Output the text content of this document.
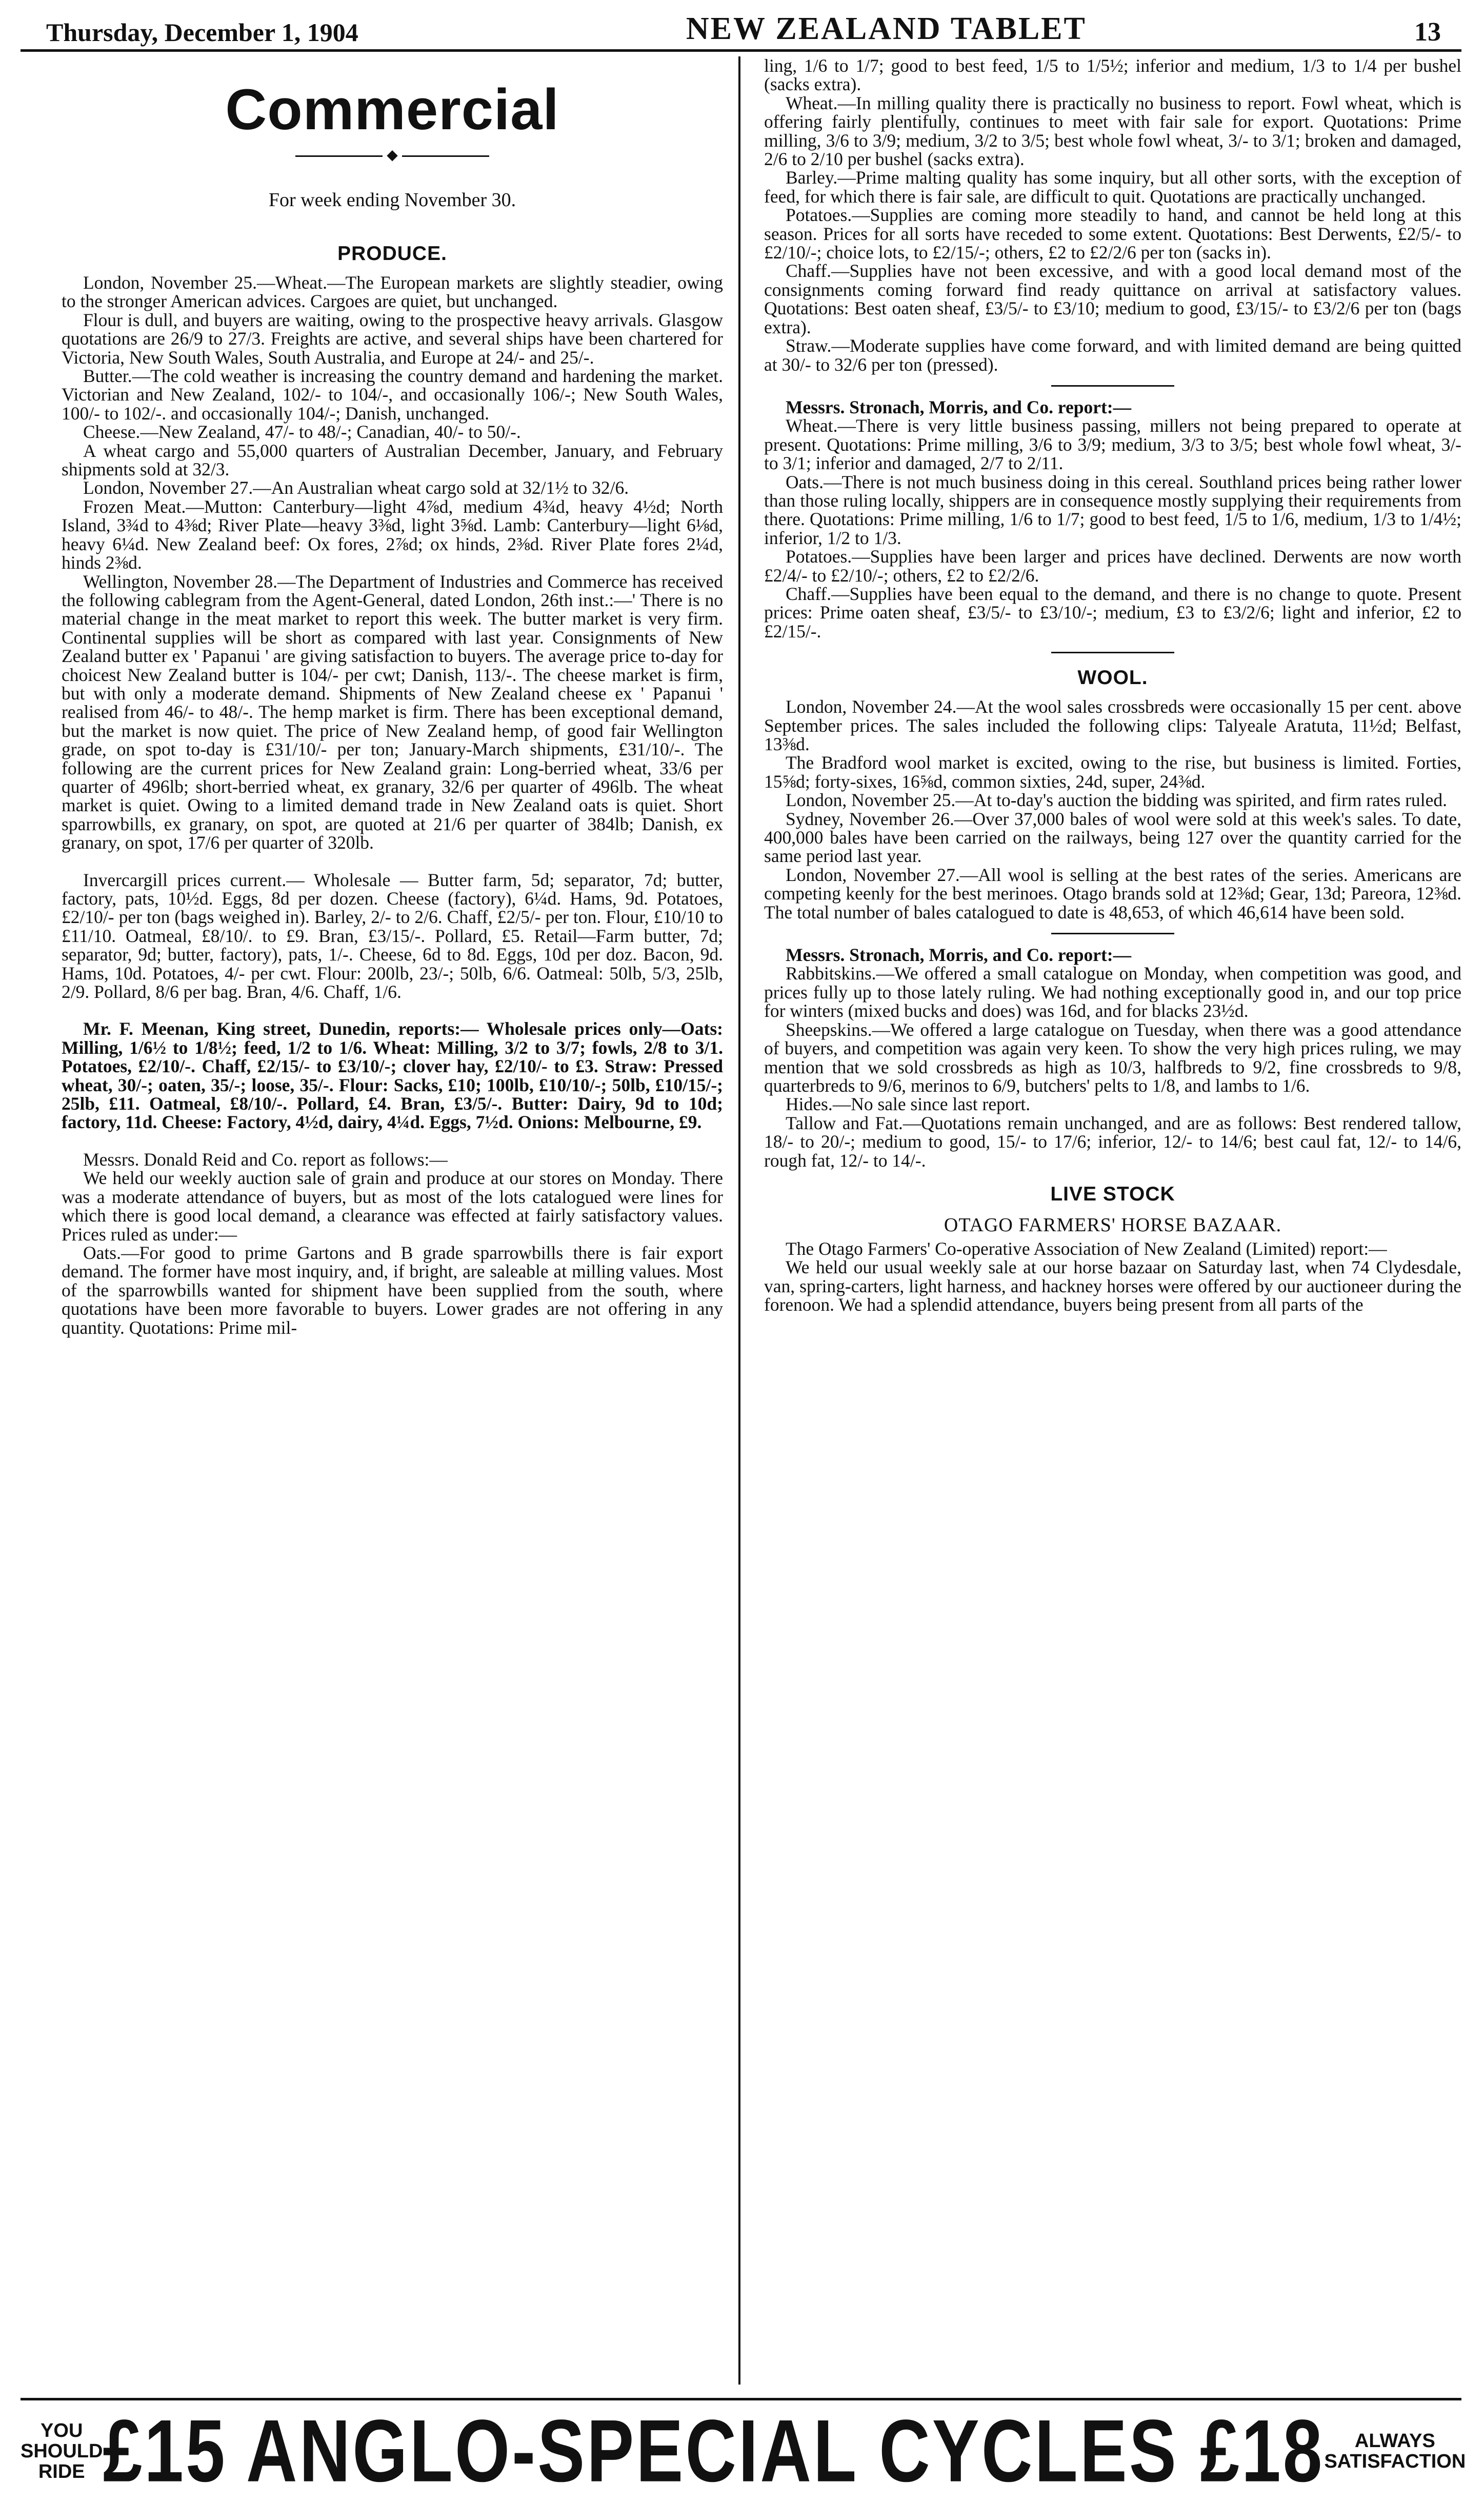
Thursday, December 1, 1904	NEW ZEALAND TABLET	13
Commercial
◆
For week ending November 30.
PRODUCE.

London, November 25.—Wheat.—The European markets are slightly steadier, owing to the stronger American advices. Cargoes are quiet, but unchanged.

Flour is dull, and buyers are waiting, owing to the prospective heavy arrivals. Glasgow quotations are 26/9 to 27/3. Freights are active, and several ships have been chartered for Victoria, New South Wales, South Australia, and Europe at 24/- and 25/-.

Butter.—The cold weather is increasing the country demand and hardening the market. Victorian and New Zealand, 102/- to 104/-, and occasionally 106/-; New South Wales, 100/- to 102/-. and occasionally 104/-; Danish, unchanged.

Cheese.—New Zealand, 47/- to 48/-; Canadian, 40/- to 50/-.

A wheat cargo and 55,000 quarters of Australian December, January, and February shipments sold at 32/3.

London, November 27.—An Australian wheat cargo sold at 32/1½ to 32/6.

Frozen Meat.—Mutton: Canterbury—light 4⅞d, medium 4¾d, heavy 4½d; North Island, 3¾d to 4⅜d; River Plate—heavy 3⅜d, light 3⅝d. Lamb: Canterbury—light 6⅛d, heavy 6¼d. New Zealand beef: Ox fores, 2⅞d; ox hinds, 2⅜d. River Plate fores 2¼d, hinds 2⅜d.

Wellington, November 28.—The Department of Industries and Commerce has received the following cablegram from the Agent-General, dated London, 26th inst.:—' There is no material change in the meat market to report this week. The butter market is very firm. Continental supplies will be short as compared with last year. Consignments of New Zealand butter ex ' Papanui ' are giving satisfaction to buyers. The average price to-day for choicest New Zealand butter is 104/- per cwt; Danish, 113/-. The cheese market is firm, but with only a moderate demand. Shipments of New Zealand cheese ex ' Papanui ' realised from 46/- to 48/-. The hemp market is firm. There has been exceptional demand, but the market is now quiet. The price of New Zealand hemp, of good fair Wellington grade, on spot to-day is £31/10/- per ton; January-March shipments, £31/10/-. The following are the current prices for New Zealand grain: Long-berried wheat, 33/6 per quarter of 496lb; short-berried wheat, ex granary, 32/6 per quarter of 496lb. The wheat market is quiet. Owing to a limited demand trade in New Zealand oats is quiet. Short sparrowbills, ex granary, on spot, are quoted at 21/6 per quarter of 384lb; Danish, ex granary, on spot, 17/6 per quarter of 320lb.

Invercargill prices current.— Wholesale — Butter farm, 5d; separator, 7d; butter, factory, pats, 10½d. Eggs, 8d per dozen. Cheese (factory), 6¼d. Hams, 9d. Potatoes, £2/10/- per ton (bags weighed in). Barley, 2/- to 2/6. Chaff, £2/5/- per ton. Flour, £10/10 to £11/10. Oatmeal, £8/10/. to £9. Bran, £3/15/-. Pollard, £5. Retail—Farm butter, 7d; separator, 9d; butter, factory), pats, 1/-. Cheese, 6d to 8d. Eggs, 10d per doz. Bacon, 9d. Hams, 10d. Potatoes, 4/- per cwt. Flour: 200lb, 23/-; 50lb, 6/6. Oatmeal: 50lb, 5/3, 25lb, 2/9. Pollard, 8/6 per bag. Bran, 4/6. Chaff, 1/6.

Mr. F. Meenan, King street, Dunedin, reports:— Wholesale prices only—Oats: Milling, 1/6½ to 1/8½; feed, 1/2 to 1/6. Wheat: Milling, 3/2 to 3/7; fowls, 2/8 to 3/1. Potatoes, £2/10/-. Chaff, £2/15/- to £3/10/-; clover hay, £2/10/- to £3. Straw: Pressed wheat, 30/-; oaten, 35/-; loose, 35/-. Flour: Sacks, £10; 100lb, £10/10/-; 50lb, £10/15/-; 25lb, £11. Oatmeal, £8/10/-. Pollard, £4. Bran, £3/5/-. Butter: Dairy, 9d to 10d; factory, 11d. Cheese: Factory, 4½d, dairy, 4¼d. Eggs, 7½d. Onions: Melbourne, £9.

Messrs. Donald Reid and Co. report as follows:—

We held our weekly auction sale of grain and produce at our stores on Monday. There was a moderate attendance of buyers, but as most of the lots catalogued were lines for which there is good local demand, a clearance was effected at fairly satisfactory values. Prices ruled as under:—

Oats.—For good to prime Gartons and B grade sparrowbills there is fair export demand. The former have most inquiry, and, if bright, are saleable at milling values. Most of the sparrowbills wanted for shipment have been supplied from the south, where quotations have been more favorable to buyers. Lower grades are not offering in any quantity. Quotations: Prime mil-

ling, 1/6 to 1/7; good to best feed, 1/5 to 1/5½; inferior and medium, 1/3 to 1/4 per bushel (sacks extra).

Wheat.—In milling quality there is practically no business to report. Fowl wheat, which is offering fairly plentifully, continues to meet with fair sale for export. Quotations: Prime milling, 3/6 to 3/9; medium, 3/2 to 3/5; best whole fowl wheat, 3/- to 3/1; broken and damaged, 2/6 to 2/10 per bushel (sacks extra).

Barley.—Prime malting quality has some inquiry, but all other sorts, with the exception of feed, for which there is fair sale, are difficult to quit. Quotations are practically unchanged.

Potatoes.—Supplies are coming more steadily to hand, and cannot be held long at this season. Prices for all sorts have receded to some extent. Quotations: Best Derwents, £2/5/- to £2/10/-; choice lots, to £2/15/-; others, £2 to £2/2/6 per ton (sacks in).

Chaff.—Supplies have not been excessive, and with a good local demand most of the consignments coming forward find ready quittance on arrival at satisfactory values. Quotations: Best oaten sheaf, £3/5/- to £3/10; medium to good, £3/15/- to £3/2/6 per ton (bags extra).

Straw.—Moderate supplies have come forward, and with limited demand are being quitted at 30/- to 32/6 per ton (pressed).

Messrs. Stronach, Morris, and Co. report:—

Wheat.—There is very little business passing, millers not being prepared to operate at present. Quotations: Prime milling, 3/6 to 3/9; medium, 3/3 to 3/5; best whole fowl wheat, 3/- to 3/1; inferior and damaged, 2/7 to 2/11.

Oats.—There is not much business doing in this cereal. Southland prices being rather lower than those ruling locally, shippers are in consequence mostly supplying their requirements from there. Quotations: Prime milling, 1/6 to 1/7; good to best feed, 1/5 to 1/6, medium, 1/3 to 1/4½; inferior, 1/2 to 1/3.

Potatoes.—Supplies have been larger and prices have declined. Derwents are now worth £2/4/- to £2/10/-; others, £2 to £2/2/6.

Chaff.—Supplies have been equal to the demand, and there is no change to quote. Present prices: Prime oaten sheaf, £3/5/- to £3/10/-; medium, £3 to £3/2/6; light and inferior, £2 to £2/15/-.

WOOL.

London, November 24.—At the wool sales crossbreds were occasionally 15 per cent. above September prices. The sales included the following clips: Talyeale Aratuta, 11½d; Belfast, 13⅜d.

The Bradford wool market is excited, owing to the rise, but business is limited. Forties, 15⅝d; forty-sixes, 16⅝d, common sixties, 24d, super, 24⅜d.

London, November 25.—At to-day's auction the bidding was spirited, and firm rates ruled.

Sydney, November 26.—Over 37,000 bales of wool were sold at this week's sales. To date, 400,000 bales have been carried on the railways, being 127 over the quantity carried for the same period last year.

London, November 27.—All wool is selling at the best rates of the series. Americans are competing keenly for the best merinoes. Otago brands sold at 12⅜d; Gear, 13d; Pareora, 12⅜d. The total number of bales catalogued to date is 48,653, of which 46,614 have been sold.

Messrs. Stronach, Morris, and Co. report:—

Rabbitskins.—We offered a small catalogue on Monday, when competition was good, and prices fully up to those lately ruling. We had nothing exceptionally good in, and our top price for winters (mixed bucks and does) was 16d, and for blacks 23½d.

Sheepskins.—We offered a large catalogue on Tuesday, when there was a good attendance of buyers, and competition was again very keen. To show the very high prices ruling, we may mention that we sold crossbreds as high as 10/3, halfbreds to 9/2, fine crossbreds to 9/8, quarterbreds to 9/6, merinos to 6/9, butchers' pelts to 1/8, and lambs to 1/6.

Hides.—No sale since last report.

Tallow and Fat.—Quotations remain unchanged, and are as follows: Best rendered tallow, 18/- to 20/-; medium to good, 15/- to 17/6; inferior, 12/- to 14/6; best caul fat, 12/- to 14/6, rough fat, 12/- to 14/-.

LIVE STOCK
OTAGO FARMERS' HORSE BAZAAR.

The Otago Farmers' Co-operative Association of New Zealand (Limited) report:—

We held our usual weekly sale at our horse bazaar on Saturday last, when 74 Clydesdale, van, spring-carters, light harness, and hackney horses were offered by our auctioneer during the forenoon. We had a splendid attendance, buyers being present from all parts of the

YOU SHOULD RIDE £15 ANGLO-SPECIAL CYCLES £18	ALWAYS SATISFACTION
